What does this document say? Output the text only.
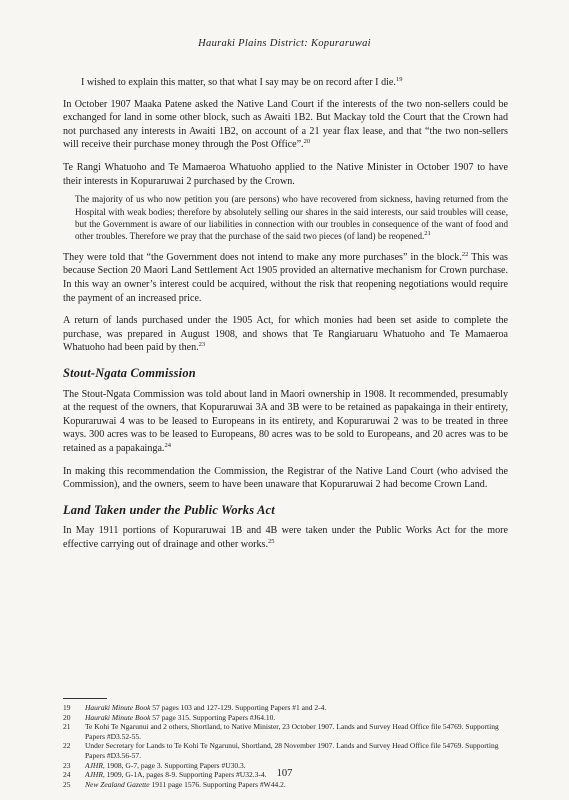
Hauraki Plains District: Kopuraruwai

I wished to explain this matter, so that what I say may be on record after I die.$^{19}$

In October 1907 Maaka Patene asked the Native Land Court if the interests of the two non-sellers could be exchanged for land in some other block, such as Awaiti 1B2. But Mackay told the Court that the Crown had not purchased any interests in Awaiti 1B2, on account of a 21 year flax lease, and that “the two non-sellers will receive their purchase money through the Post Office”.$^{20}$

Te Rangi Whatuoho and Te Mamaeroa Whatuoho applied to the Native Minister in October 1907 to have their interests in Kopuraruwai 2 purchased by the Crown.

The majority of us who now petition you (are persons) who have recovered from sickness, having returned from the Hospital with weak bodies; therefore by absolutely selling our shares in the said interests, our said troubles will cease, but the Government is aware of our liabilities in connection with our troubles in consequence of the want of food and other troubles. Therefore we pray that the purchase of the said two pieces (of land) be reopened.$^{21}$

They were told that “the Government does not intend to make any more purchases” in the block.$^{22}$ This was because Section 20 Maori Land Settlement Act 1905 provided an alternative mechanism for Crown purchase. In this way an owner’s interest could be acquired, without the risk that reopening negotiations would require the payment of an increased price.

A return of lands purchased under the 1905 Act, for which monies had been set aside to complete the purchase, was prepared in August 1908, and shows that Te Rangiaruaru Whatuoho and Te Mamaeroa Whatuoho had been paid by then.$^{23}$

Stout-Ngata Commission

The Stout-Ngata Commission was told about land in Maori ownership in 1908. It recommended, presumably at the request of the owners, that Kopuraruwai 3A and 3B were to be retained as papakainga in their entirety, Kopuraruwai 4 was to be leased to Europeans in its entirety, and Kopuraruwai 2 was to be treated in three ways. 300 acres was to be leased to Europeans, 80 acres was to be sold to Europeans, and 20 acres was to be retained as a papakainga.$^{24}$

In making this recommendation the Commission, the Registrar of the Native Land Court (who advised the Commission), and the owners, seem to have been unaware that Kopuraruwai 2 had become Crown Land.

Land Taken under the Public Works Act

In May 1911 portions of Kopuraruwai 1B and 4B were taken under the Public Works Act for the more effective carrying out of drainage and other works.$^{25}$

19	Hauraki Minute Book 57 pages 103 and 127-129. Supporting Papers #1 and 2-4.
20	Hauraki Minute Book 57 page 315. Supporting Papers #J64.10.
21	Te Kohi Te Ngarunui and 2 others, Shortland, to Native Minister, 23 October 1907. Lands and Survey Head Office file 54769. Supporting Papers #D3.52-55.
22	Under Secretary for Lands to Te Kohi Te Ngarunui, Shortland, 28 November 1907. Lands and Survey Head Office file 54769. Supporting Papers #D3.56-57.
23	AJHR, 1908, G-7, page 3. Supporting Papers #U30.3.
24	AJHR, 1909, G-1A, pages 8-9. Supporting Papers #U32.3-4.
25	New Zealand Gazette 1911 page 1576. Supporting Papers #W44.2.
107
